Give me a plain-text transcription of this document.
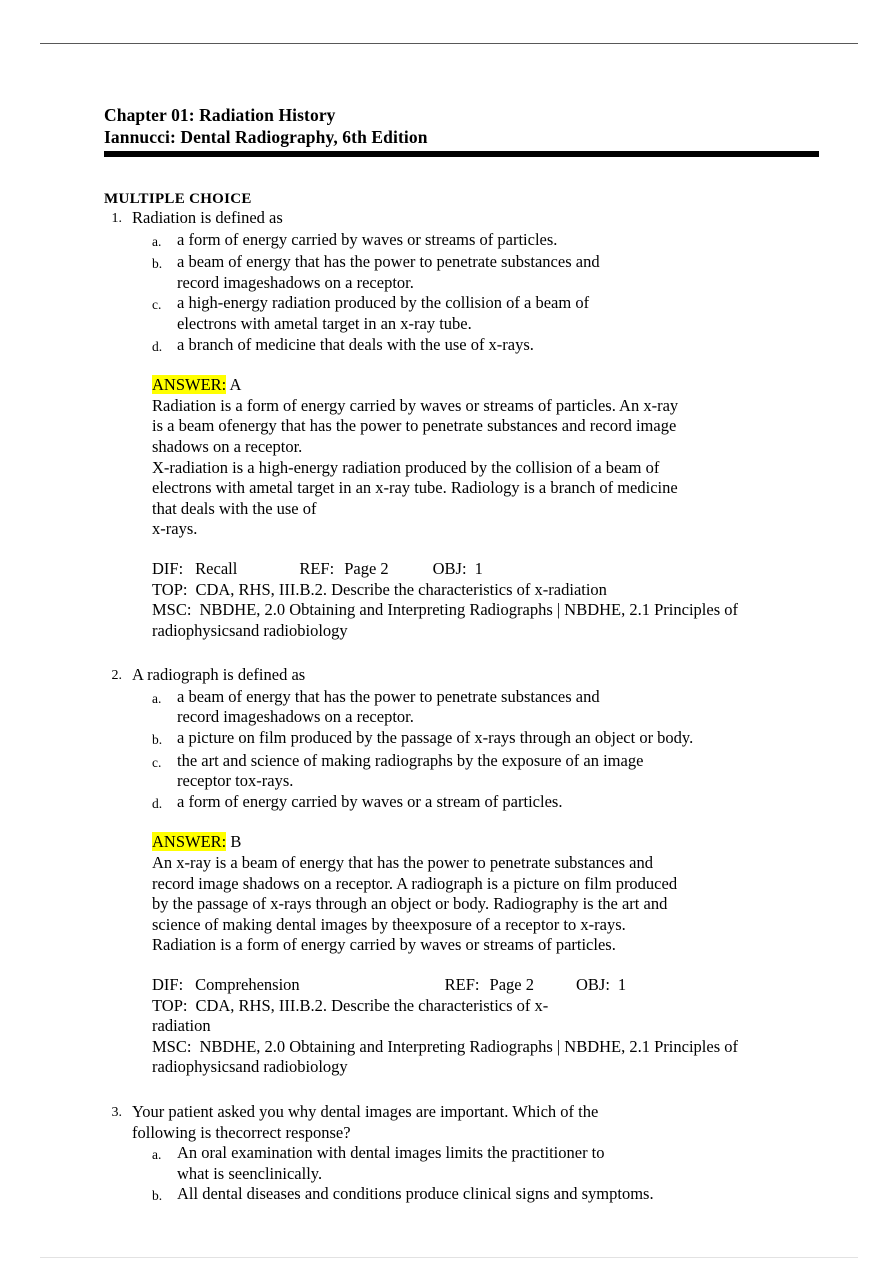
Chapter 01: Radiation History
Iannucci: Dental Radiography, 6th Edition
MULTIPLE CHOICE
1. Radiation is defined as
a. a form of energy carried by waves or streams of particles.
b. a beam of energy that has the power to penetrate substances and
record imageshadows on a receptor.
c. a high-energy radiation produced by the collision of a beam of
electrons with ametal target in an x-ray tube.
d. a branch of medicine that deals with the use of x-rays.
ANSWER: A
Radiation is a form of energy carried by waves or streams of particles. An x-ray
is a beam ofenergy that has the power to penetrate substances and record image
shadows on a receptor.
X-radiation is a high-energy radiation produced by the collision of a beam of
electrons with ametal target in an x-ray tube. Radiology is a branch of medicine
that deals with the use of
x-rays.
DIF: Recall	REF: Page 2	OBJ: 1
TOP: CDA, RHS, III.B.2. Describe the characteristics of x-radiation
MSC: NBDHE, 2.0 Obtaining and Interpreting Radiographs | NBDHE, 2.1 Principles of
radiophysicsand radiobiology
2. A radiograph is defined as
a. a beam of energy that has the power to penetrate substances and
record imageshadows on a receptor.
b. a picture on film produced by the passage of x-rays through an object or body.
c. the art and science of making radiographs by the exposure of an image
receptor tox-rays.
d. a form of energy carried by waves or a stream of particles.
ANSWER: B
An x-ray is a beam of energy that has the power to penetrate substances and
record image shadows on a receptor. A radiograph is a picture on film produced
by the passage of x-rays through an object or body. Radiography is the art and
science of making dental images by theexposure of a receptor to x-rays.
Radiation is a form of energy carried by waves or streams of particles.
DIF: Comprehension	REF: Page 2	OBJ: 1
TOP: CDA, RHS, III.B.2. Describe the characteristics of x-
radiation
MSC: NBDHE, 2.0 Obtaining and Interpreting Radiographs | NBDHE, 2.1 Principles of
radiophysicsand radiobiology
3. Your patient asked you why dental images are important. Which of the
following is thecorrect response?
a. An oral examination with dental images limits the practitioner to
what is seenclinically.
b. All dental diseases and conditions produce clinical signs and symptoms.
